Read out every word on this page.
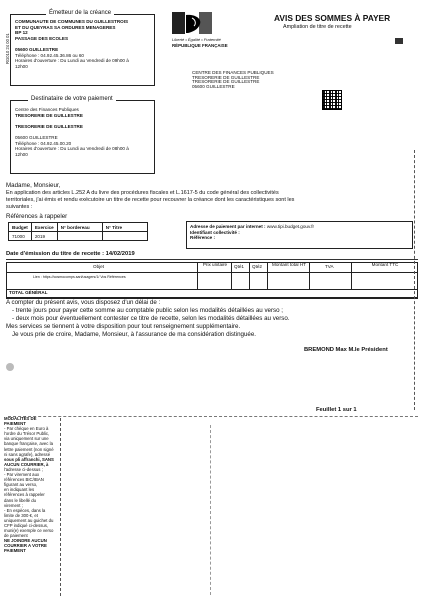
Émetteur de la créance
RG010 24 00 01
COMMUNAUTE DE COMMUNES DU GUILLESTROIS
ET DU QUEYRAS SA ORDURES MENAGERES
BP 12
PASSAGE DES ECOLES

05600 GUILLESTRE
Téléphone : 04.92.45.36.86 ou 60
Horaires d'ouverture : Du Lundi au Vendredi de 09h00 à
12h00
Liberté • Égalité • Fraternité
RÉPUBLIQUE FRANÇAISE
AVIS DES SOMMES À PAYER
Ampliation de titre de recette
CENTRE DES FINANCES PUBLIQUES
TRESORERIE DE GUILLESTRE
TRESORERIE DE GUILLESTRE
05600 GUILLESTRE
Destinataire de votre paiement
Centre des Finances Publiques
TRESORERIE DE GUILLESTRE

TRESORERIE DE GUILLESTRE

05600 GUILLESTRE
Téléphone : 04.92.45.00.20
Horaires d'ouverture : Du Lundi au Vendredi de 08h00 à
12h00
Madame, Monsieur,
En application des articles L.252 A du livre des procédures fiscales et L.1617-5 du code général des collectivités
territoriales, j'ai émis et rendu exécutoire un titre de recette pour recouvrer la créance dont les caractéristiques sont les
suivantes :
Références à rappeler
Budget	Exercice	N° bordereau	N° Titre
71000	2019		
Adresse de paiement par internet : www.tipi.budget.gouv.fr
Identifiant collectivité :
Référence :
Date d'émission du titre de recette : 14/02/2019
Objet	Prix unitaire	Qté1 Qté2	Montant total HT	TVA	Montant TTC
Lien : https://cosmocomps.sari/usagers/1/ Vos Références
TOTAL GÉNÉRAL
A compter du présent avis, vous disposez d'un délai de :
- trente jours pour payer cette somme au comptable public selon les modalités détaillées au verso ;
- deux mois pour éventuellement contester ce titre de recette, selon les modalités détaillées au verso.
Mes services se tiennent à votre disposition pour tout renseignement supplémentaire.
Je vous prie de croire, Madame, Monsieur, à l'assurance de ma considération distinguée.
BREMOND Max M.le Président
Feuillet 1 sur 1
MODALITÉS DE PAIEMENT
- Par chèque en Euro à
l'ordre du Trésor Public,
via uniquement sur une
banque française, avec la
lettre paiement (non signé
ni sans agrafe), adressé
sous pli affranchi, SANS
AUCUN COURRIER, à
l'adresse ci-dessus ;
- Par virement aux
références BIC/IBAN
figurant au verso,
en indiquant les
références à rappeler
dans le libellé du
virement ;
- En espèces, dans la
limite de 300 €, et
uniquement au guichet du
CFP indiqué ci-dessus,
muni(e) exemple ce verso
de paiement
NE JOINDRE AUCUN
COURRIER A VOTRE
PAIEMENT
